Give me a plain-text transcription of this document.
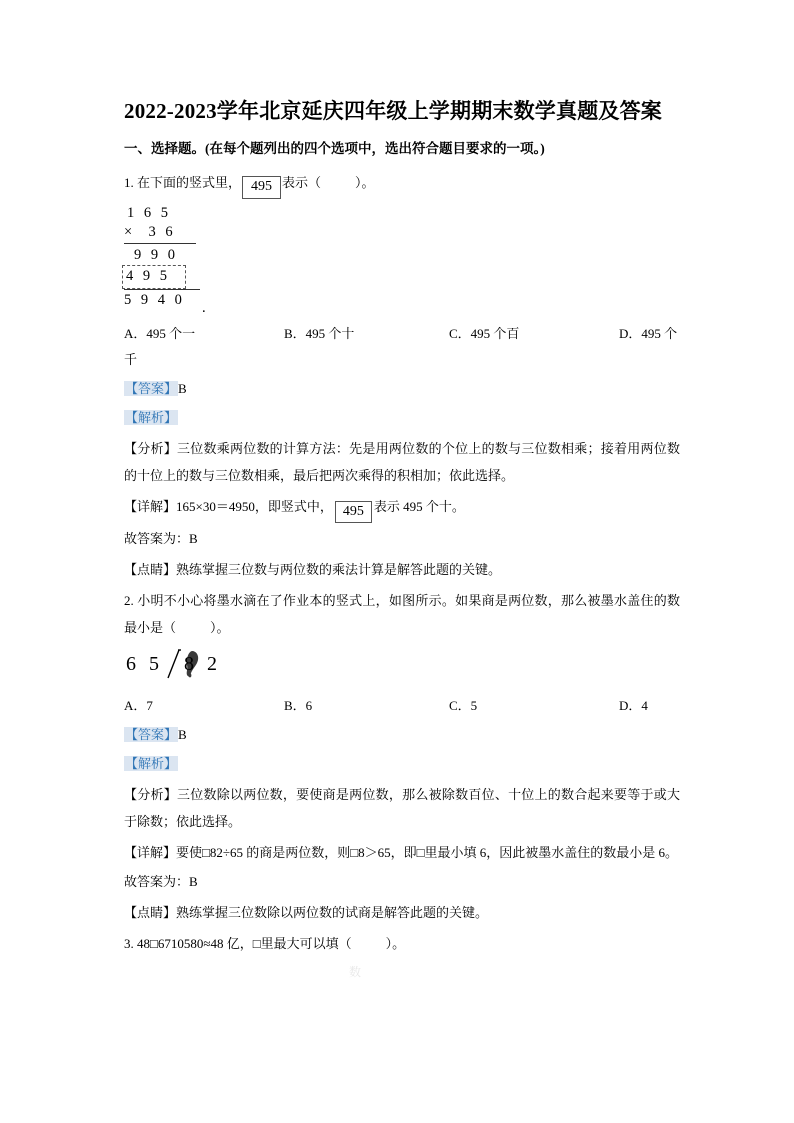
2022-2023学年北京延庆四年级上学期期末数学真题及答案
一、选择题。(在每个题列出的四个选项中，选出符合题目要求的一项。)
1. 在下面的竖式里， 495 表示（	）。
1 6 5
× 3 6
9 9 0
4 9 5
5 9 4 0 .
A．495 个一	B．495 个十	C．495 个百	D．495 个
千
【答案】B
【解析】
【分析】三位数乘两位数的计算方法：先是用两位数的个位上的数与三位数相乘；接着用两位数的十位上的数与三位数相乘，最后把两次乘得的积相加；依此选择。
【详解】165×30＝4950，即竖式中， 495 表示 495 个十。
故答案为：B
【点睛】熟练掌握三位数与两位数的乘法计算是解答此题的关键。
2. 小明不小心将墨水滴在了作业本的竖式上，如图所示。如果商是两位数，那么被墨水盖住的数最小是（	）。
6 5 8 2
A．7	B．6	C．5	D．4
【答案】B
【解析】
【分析】三位数除以两位数，要使商是两位数，那么被除数百位、十位上的数合起来要等于或大于除数；依此选择。
【详解】要使□82÷65 的商是两位数，则□8＞65，即□里最小填 6，因此被墨水盖住的数最小是 6。
故答案为：B
【点睛】熟练掌握三位数除以两位数的试商是解答此题的关键。
3. 48□6710580≈48 亿，□里最大可以填（	）。
数
